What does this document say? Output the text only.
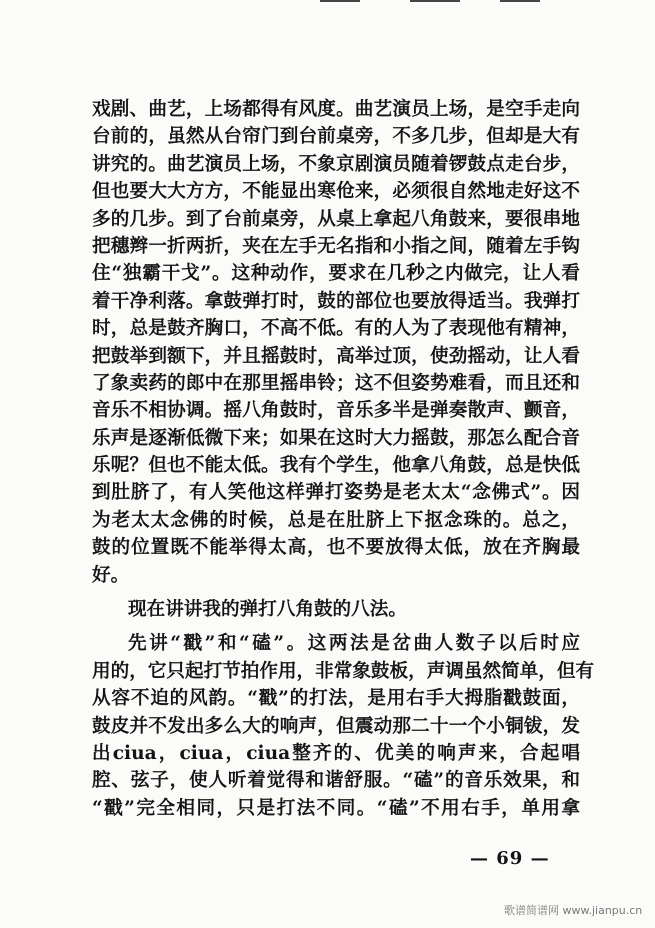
戏剧、曲艺，上场都得有风度。曲艺演员上场，是空手走向
台前的，虽然从台帘门到台前桌旁，不多几步，但却是大有
讲究的。曲艺演员上场，不象京剧演员随着锣鼓点走台步，
但也要大大方方，不能显出寒伧来，必须很自然地走好这不
多的几步。到了台前桌旁，从桌上拿起八角鼓来，要很串地
把穗辫一折两折，夹在左手无名指和小指之间，随着左手钩
住“独霸干戈”。这种动作，要求在几秒之内做完，让人看
着干净利落。拿鼓弹打时，鼓的部位也要放得适当。我弹打
时，总是鼓齐胸口，不高不低。有的人为了表现他有精神，
把鼓举到额下，并且摇鼓时，高举过顶，使劲摇动，让人看
了象卖药的郎中在那里摇串铃；这不但姿势难看，而且还和
音乐不相协调。摇八角鼓时，音乐多半是弹奏散声、颤音，
乐声是逐渐低微下来；如果在这时大力摇鼓，那怎么配合音
乐呢？但也不能太低。我有个学生，他拿八角鼓，总是快低
到肚脐了，有人笑他这样弹打姿势是老太太“念佛式”。因
为老太太念佛的时候，总是在肚脐上下抠念珠的。总之，
鼓的位置既不能举得太高，也不要放得太低，放在齐胸最
好。
现在讲讲我的弹打八角鼓的八法。
先讲“戳”和“磕”。这两法是岔曲人数子以后时应
用的，它只起打节拍作用，非常象鼓板，声调虽然简单，但有
从容不迫的风韵。“戳”的打法，是用右手大拇脂戳鼓面，
鼓皮并不发出多么大的响声，但震动那二十一个小铜钹，发
出ciua，ciua，ciua整齐的、优美的响声来，合起唱
腔、弦子，使人听着觉得和谐舒服。“磕”的音乐效果，和
“戳”完全相同，只是打法不同。“磕”不用右手，单用拿
— 69 —
歌谱简谱网 www.jianpu.cn
